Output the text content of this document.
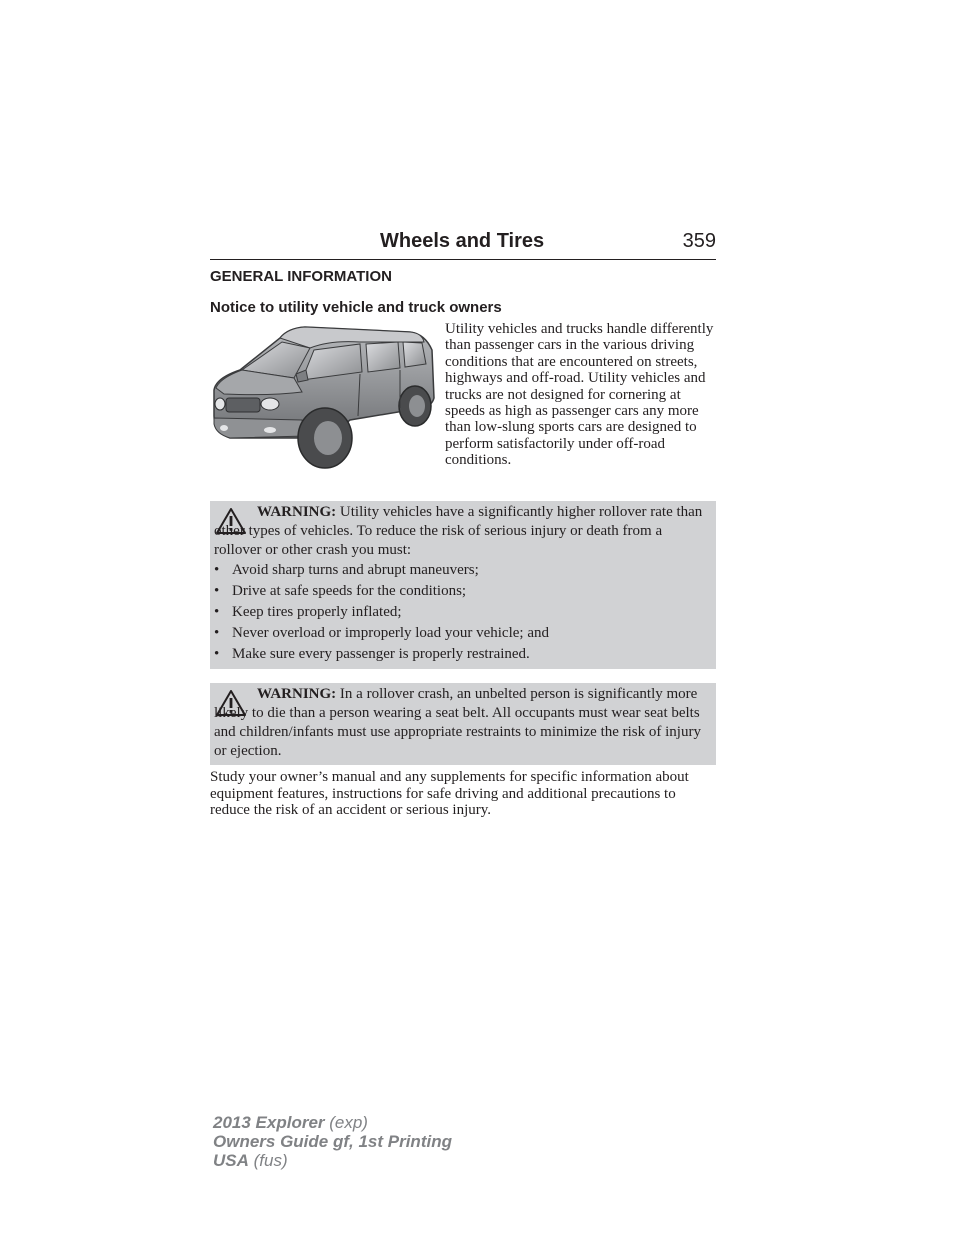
Wheels and Tires	359
GENERAL INFORMATION
Notice to utility vehicle and truck owners
Utility vehicles and trucks handle differently than passenger cars in the various driving conditions that are encountered on streets, highways and off-road. Utility vehicles and trucks are not designed for cornering at speeds as high as passenger cars any more than low-slung sports cars are designed to perform satisfactorily under off-road conditions.
WARNING: Utility vehicles have a significantly higher rollover rate than other types of vehicles. To reduce the risk of serious injury or death from a rollover or other crash you must:
• Avoid sharp turns and abrupt maneuvers;
• Drive at safe speeds for the conditions;
• Keep tires properly inflated;
• Never overload or improperly load your vehicle; and
• Make sure every passenger is properly restrained.
WARNING: In a rollover crash, an unbelted person is significantly more likely to die than a person wearing a seat belt. All occupants must wear seat belts and children/infants must use appropriate restraints to minimize the risk of injury or ejection.
Study your owner’s manual and any supplements for specific information about equipment features, instructions for safe driving and additional precautions to reduce the risk of an accident or serious injury.
2013 Explorer (exp)
Owners Guide gf, 1st Printing
USA (fus)
